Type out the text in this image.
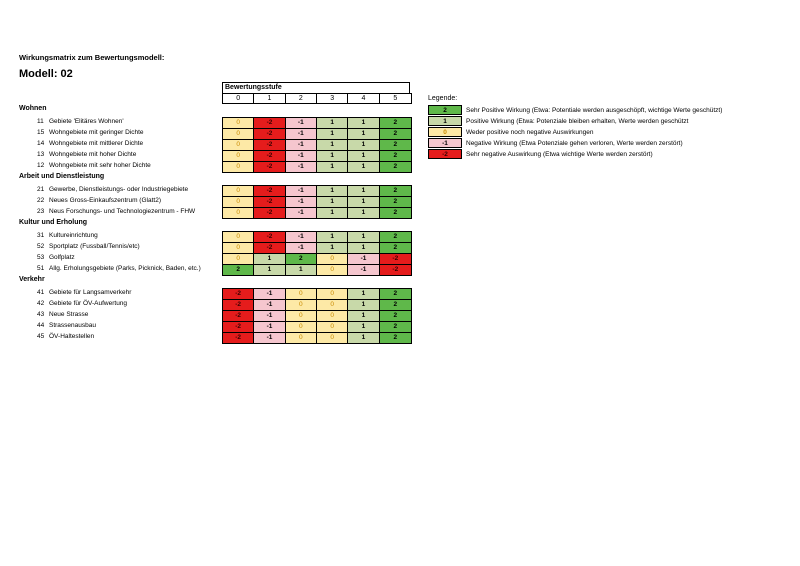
Wirkungsmatrix zum Bewertungsmodell:
Modell: 02
Bewertungsstufe
0	1	2	3	4	5	Legende:
2	Sehr Positive Wirkung (Etwa: Potentiale werden ausgeschöpft, wichtige Werte geschützt)
1	Positive Wirkung (Etwa: Potenziale bleiben erhalten, Werte werden geschützt
0	Weder positive noch negative Auswirkungen
-1	Negative Wirkung (Etwa Potenziale gehen verloren, Werte werden zerstört)
-2	Sehr negative Auswirkung (Etwa wichtige Werte werden zerstört)
Wohnen
11 Gebiete 'Elitäres Wohnen'	0	-2	-1	1	1	2
15 Wohngebiete mit geringer Dichte	0	-2	-1	1	1	2
14 Wohngebiete mit mittlerer Dichte	0	-2	-1	1	1	2
13 Wohngebiete mit hoher Dichte	0	-2	-1	1	1	2
12 Wohngebiete mit sehr hoher Dichte	0	-2	-1	1	1	2
Arbeit und Dienstleistung
21 Gewerbe, Dienstleistungs- oder Industriegebiete	0	-2	-1	1	1	2
22 Neues Gross-Einkaufszentrum (Glatt2)	0	-2	-1	1	1	2
23 Neus Forschungs- und Technologiezentrum - FHW	0	-2	-1	1	1	2
Kultur und Erholung
31 Kultureinrichtung	0	-2	-1	1	1	2
52 Sportplatz (Fussball/Tennis/etc)	0	-2	-1	1	1	2
53 Golfplatz	0	1	2	0	-1	-2
51 Allg. Erholungsgebiete (Parks, Picknick, Baden, etc.)	2	1	1	0	-1	-2
Verkehr
41 Gebiete für Langsamverkehr	-2	-1	0	0	1	2
42 Gebiete für ÖV-Aufwertung	-2	-1	0	0	1	2
43 Neue Strasse	-2	-1	0	0	1	2
44 Strassenausbau	-2	-1	0	0	1	2
45 ÖV-Haltestellen	-2	-1	0	0	1	2
